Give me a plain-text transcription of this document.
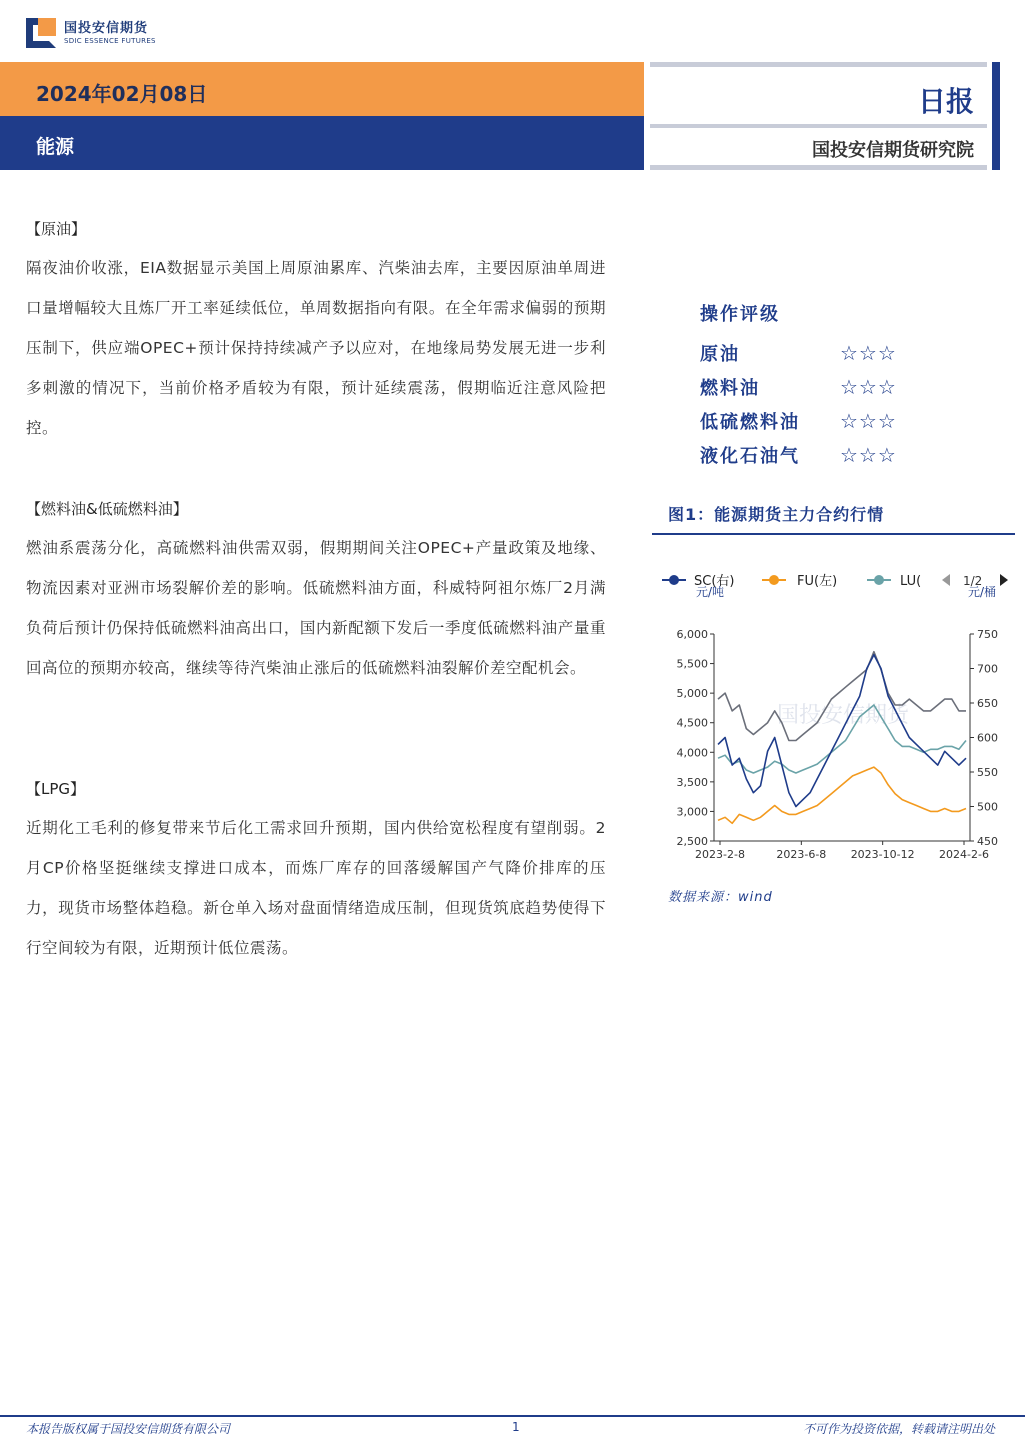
国投安信期货
SDIC ESSENCE FUTURES
2024年02月08日
能源
日报
国投安信期货研究院
【原油】
隔夜油价收涨，EIA数据显示美国上周原油累库、汽柴油去库，主要因原油单周进口量增幅较大且炼厂开工率延续低位，单周数据指向有限。在全年需求偏弱的预期压制下，供应端OPEC+预计保持持续减产予以应对，在地缘局势发展无进一步利多刺激的情况下，当前价格矛盾较为有限，预计延续震荡，假期临近注意风险把控。
【燃料油&低硫燃料油】
燃油系震荡分化，高硫燃料油供需双弱，假期期间关注OPEC+产量政策及地缘、物流因素对亚洲市场裂解价差的影响。低硫燃料油方面，科威特阿祖尔炼厂2月满负荷后预计仍保持低硫燃料油高出口，国内新配额下发后一季度低硫燃料油产量重回高位的预期亦较高，继续等待汽柴油止涨后的低硫燃料油裂解价差空配机会。
【LPG】
近期化工毛利的修复带来节后化工需求回升预期，国内供给宽松程度有望削弱。2月CP价格坚挺继续支撑进口成本，而炼厂库存的回落缓解国产气降价排库的压力，现货市场整体趋稳。新仓单入场对盘面情绪造成压制，但现货筑底趋势使得下行空间较为有限，近期预计低位震荡。
操作评级
原油	☆☆☆
燃料油	☆☆☆
低硫燃料油	☆☆☆
液化石油气	☆☆☆
图1：能源期货主力合约行情
SC(右)	FU(左)	LU(	1/2
元/吨	元/桶
国投安信期货
6,000
5,500
5,000
4,500
4,000
3,500
3,000
2,500
750
700
650
600
550
500
450
2023-2-8	2023-6-8 2023-10-12 2024-2-6
数据来源：wind
本报告版权属于国投安信期货有限公司	1	不可作为投资依据，转载请注明出处
